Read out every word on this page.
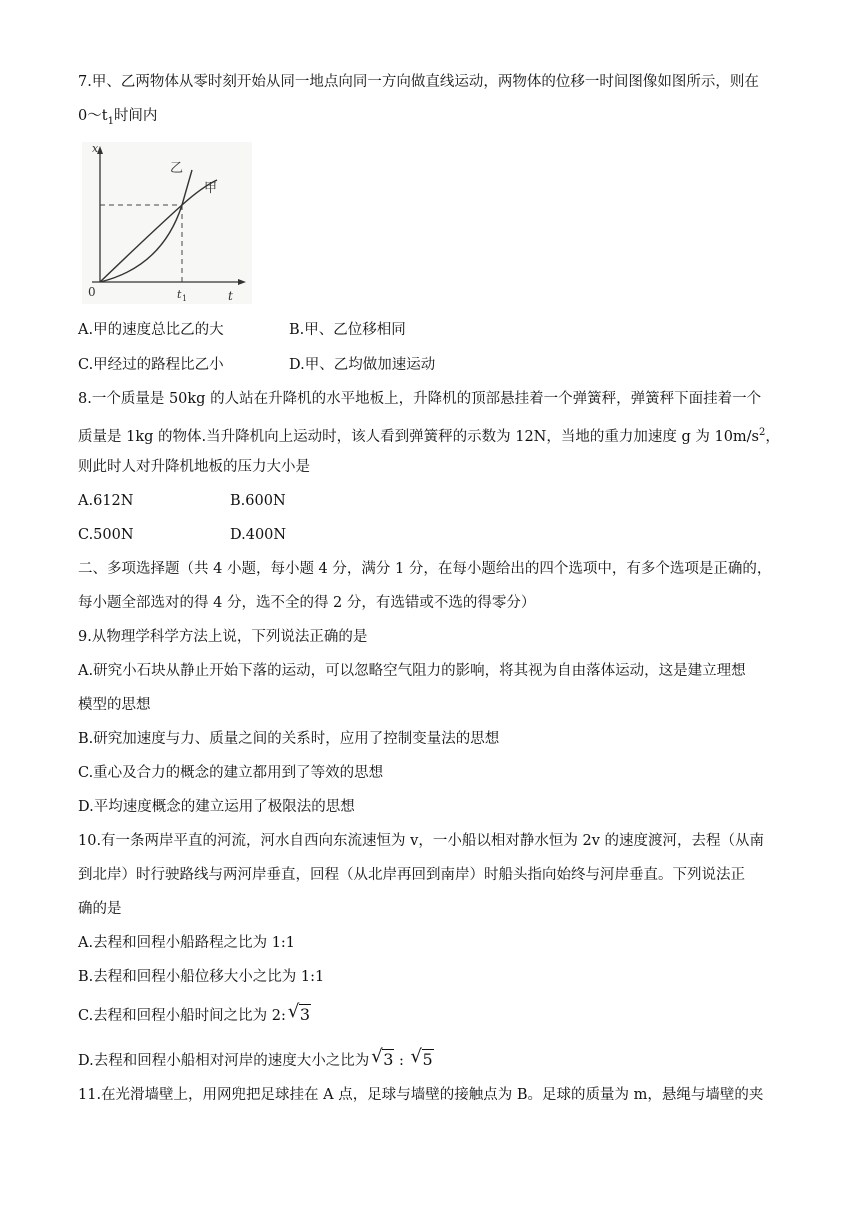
7.甲、乙两物体从零时刻开始从同一地点向同一方向做直线运动，两物体的位移一时间图像如图所示，则在
$0\sim t_1$时间内
x
t
0	t 1
甲
乙
A.甲的速度总比乙的大	B.甲、乙位移相同
C.甲经过的路程比乙小	D.甲、乙均做加速运动
8.一个质量是 50kg 的人站在升降机的水平地板上，升降机的顶部悬挂着一个弹簧秤，弹簧秤下面挂着一个
质量是 1kg 的物体.当升降机向上运动时，该人看到弹簧秤的示数为 12N，当地的重力加速度 g 为 $10m/s^2$，
则此时人对升降机地板的压力大小是
A.612N	B.600N
C.500N	D.400N
二、多项选择题（共 4 小题，每小题 4 分，满分 1 分，在每小题给出的四个选项中，有多个选项是正确的，
每小题全部选对的得 4 分，选不全的得 2 分，有选错或不选的得零分）
9.从物理学科学方法上说，下列说法正确的是
A.研究小石块从静止开始下落的运动，可以忽略空气阻力的影响，将其视为自由落体运动，这是建立理想
模型的思想
B.研究加速度与力、质量之间的关系时，应用了控制变量法的思想
C.重心及合力的概念的建立都用到了等效的思想
D.平均速度概念的建立运用了极限法的思想
10.有一条两岸平直的河流，河水自西向东流速恒为 v，一小船以相对静水恒为 2v 的速度渡河，去程（从南
到北岸）时行驶路线与两河岸垂直，回程（从北岸再回到南岸）时船头指向始终与河岸垂直。下列说法正
确的是
A.去程和回程小船路程之比为 1:1
B.去程和回程小船位移大小之比为 1:1
C.去程和回程小船时间之比为 2: √ 3
D.去程和回程小船相对河岸的速度大小之比为 √ 3 : √ 5
11.在光滑墙壁上，用网兜把足球挂在 A 点，足球与墙壁的接触点为 B。足球的质量为 m，悬绳与墙壁的夹
